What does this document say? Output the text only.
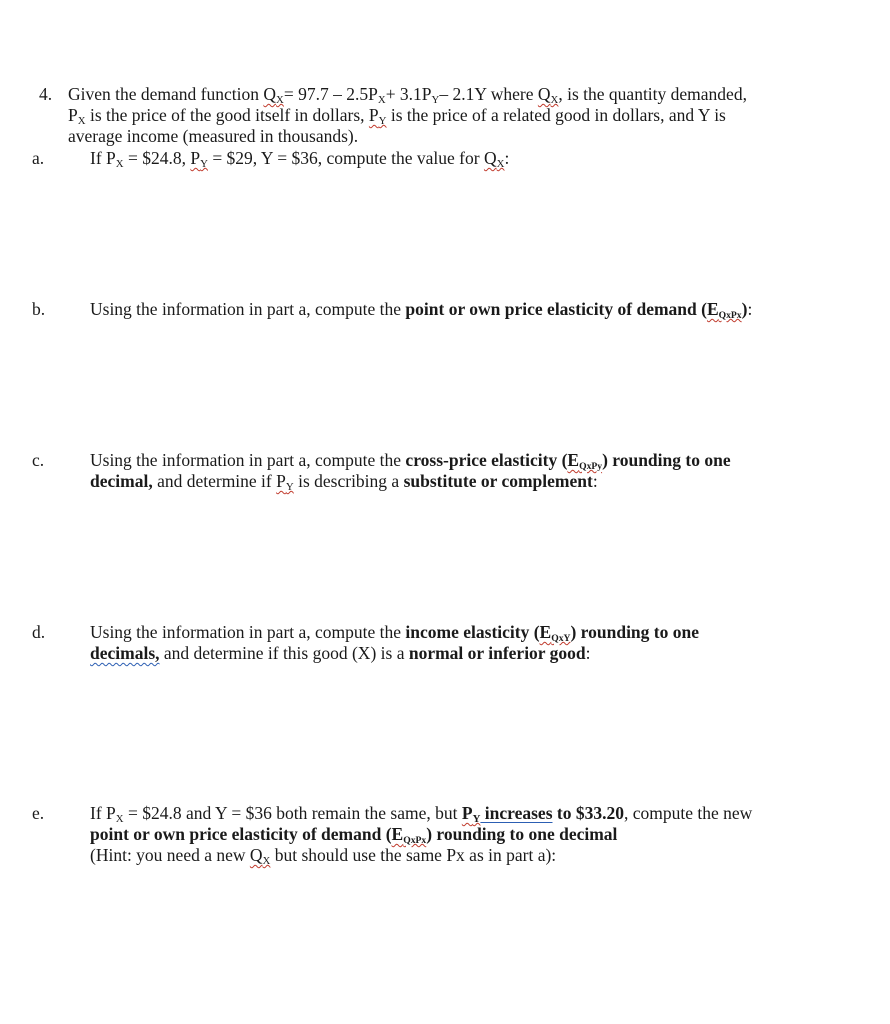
4. Given the demand function $Q_X= 97.7 - 2.5P_X+ 3.1P_Y-$ 2.1Y where $Q_X$, is the quantity demanded,
$P_X$ is the price of the good itself in dollars, $P_Y$ is the price of a related good in dollars, and Y is
average income (measured in thousands).
a.	If $P_X$ = $24.8, $P_Y$ = $29, Y = $36, compute the value for $Q_X$:
b.	Using the information in part a, compute the point or own price elasticity of demand $(E_{QxPx})$:
c.	Using the information in part a, compute the cross-price elasticity $(E_{QxPy})$ rounding to one
decimal, and determine if $P_Y$ is describing a substitute or complement:
d.	Using the information in part a, compute the income elasticity $(E_{QxY})$ rounding to one
decimals, and determine if this good (X) is a normal or inferior good:
e.	If $P_X$ = $24.8 and Y = $36 both remain the same, but $P_Y$ increases to $33.20, compute the new
point or own price elasticity of demand $(E_{QxPx})$ rounding to one decimal
(Hint: you need a new $Q_X$ but should use the same Px as in part a):
